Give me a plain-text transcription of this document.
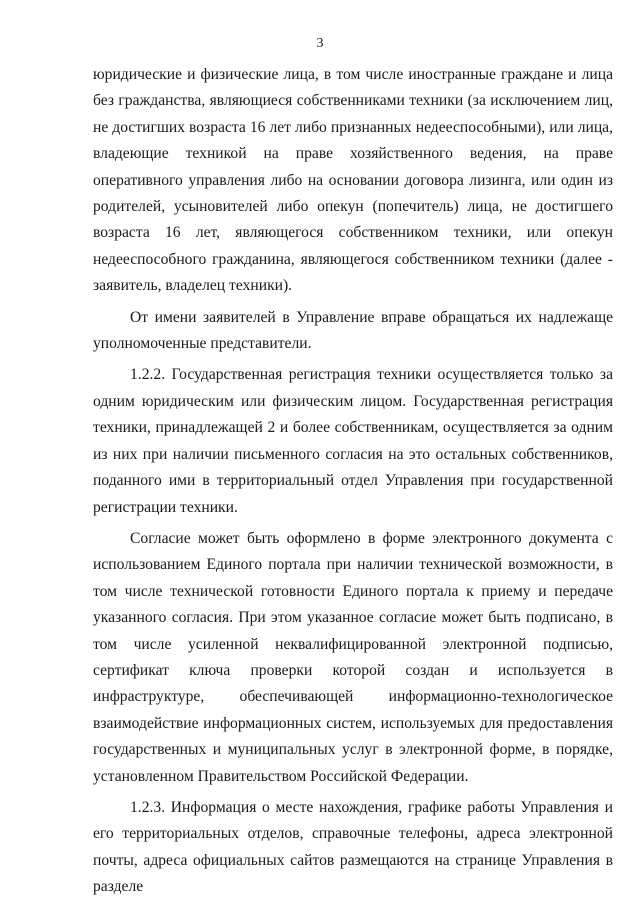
3

юридические и физические лица, в том числе иностранные граждане и лица без гражданства, являющиеся собственниками техники (за исключением лиц, не достигших возраста 16 лет либо признанных недееспособными), или лица, владеющие техникой на праве хозяйственного ведения, на праве оперативного управления либо на основании договора лизинга, или один из родителей, усыновителей либо опекун (попечитель) лица, не достигшего возраста 16 лет, являющегося собственником техники, или опекун недееспособного гражданина, являющегося собственником техники (далее - заявитель, владелец техники).

От имени заявителей в Управление вправе обращаться их надлежаще уполномоченные представители.

1.2.2. Государственная регистрация техники осуществляется только за одним юридическим или физическим лицом. Государственная регистрация техники, принадлежащей 2 и более собственникам, осуществляется за одним из них при наличии письменного согласия на это остальных собственников, поданного ими в территориальный отдел Управления при государственной регистрации техники.

Согласие может быть оформлено в форме электронного документа с использованием Единого портала при наличии технической возможности, в том числе технической готовности Единого портала к приему и передаче указанного согласия. При этом указанное согласие может быть подписано, в том числе усиленной неквалифицированной электронной подписью, сертификат ключа проверки которой создан и используется в инфраструктуре, обеспечивающей информационно-технологическое взаимодействие информационных систем, используемых для предоставления государственных и муниципальных услуг в электронной форме, в порядке, установленном Правительством Российской Федерации.

1.2.3. Информация о месте нахождения, графике работы Управления и его территориальных отделов, справочные телефоны, адреса электронной почты, адреса официальных сайтов размещаются на странице Управления в разделе
